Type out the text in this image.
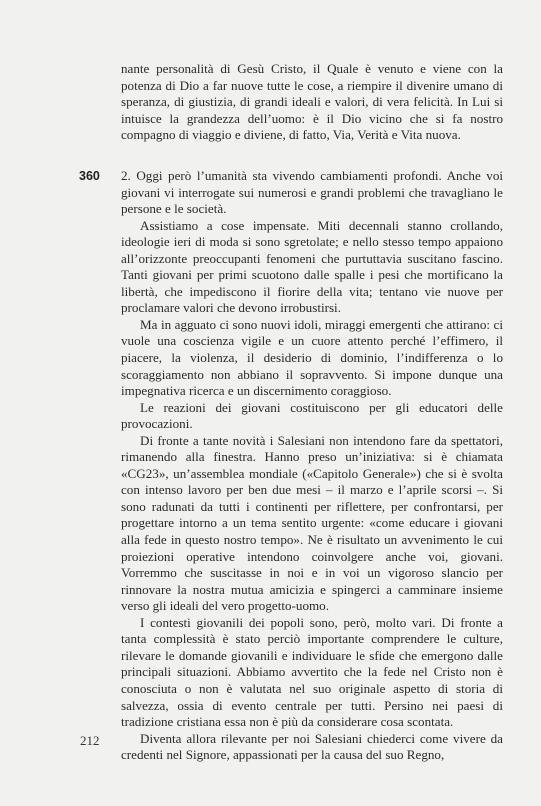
nante personalità di Gesù Cristo, il Quale è venuto e viene con la potenza di Dio a far nuove tutte le cose, a riempire il divenire umano di speranza, di giustizia, di grandi ideali e valori, di vera felicità. In Lui si intuisce la grandezza dell’uomo: è il Dio vicino che si fa nostro compagno di viaggio e diviene, di fatto, Via, Verità e Vita nuova.

360 2. Oggi però l’umanità sta vivendo cambiamenti profondi. Anche voi giovani vi interrogate sui numerosi e grandi problemi che travagliano le persone e le società.

Assistiamo a cose impensate. Miti decennali stanno crollando, ideologie ieri di moda si sono sgretolate; e nello stesso tempo appaiono all’orizzonte preoccupanti fenomeni che purtuttavia suscitano fascino. Tanti giovani per primi scuotono dalle spalle i pesi che mortificano la libertà, che impediscono il fiorire della vita; tentano vie nuove per proclamare valori che devono irrobustirsi.

Ma in agguato ci sono nuovi idoli, miraggi emergenti che attirano: ci vuole una coscienza vigile e un cuore attento perché l’effimero, il piacere, la violenza, il desiderio di dominio, l’indifferenza o lo scoraggiamento non abbiano il sopravvento. Si impone dunque una impegnativa ricerca e un discernimento coraggioso.

Le reazioni dei giovani costituiscono per gli educatori delle provocazioni.

Di fronte a tante novità i Salesiani non intendono fare da spettatori, rimanendo alla finestra. Hanno preso un’iniziativa: si è chiamata «CG23», un’assemblea mondiale («Capitolo Generale») che si è svolta con intenso lavoro per ben due mesi – il marzo e l’aprile scorsi –. Si sono radunati da tutti i continenti per riflettere, per confrontarsi, per progettare intorno a un tema sentito urgente: «come educare i giovani alla fede in questo nostro tempo». Ne è risultato un avvenimento le cui proiezioni operative intendono coinvolgere anche voi, giovani. Vorremmo che suscitasse in noi e in voi un vigoroso slancio per rinnovare la nostra mutua amicizia e spingerci a camminare insieme verso gli ideali del vero progetto-uomo.

I contesti giovanili dei popoli sono, però, molto vari. Di fronte a tanta complessità è stato perciò importante comprendere le culture, rilevare le domande giovanili e individuare le sfide che emergono dalle principali situazioni. Abbiamo avvertito che la fede nel Cristo non è conosciuta o non è valutata nel suo originale aspetto di storia di salvezza, ossia di evento centrale per tutti. Persino nei paesi di tradizione cristiana essa non è più da considerare cosa scontata.

Diventa allora rilevante per noi Salesiani chiederci come vivere da credenti nel Signore, appassionati per la causa del suo Regno,

212
